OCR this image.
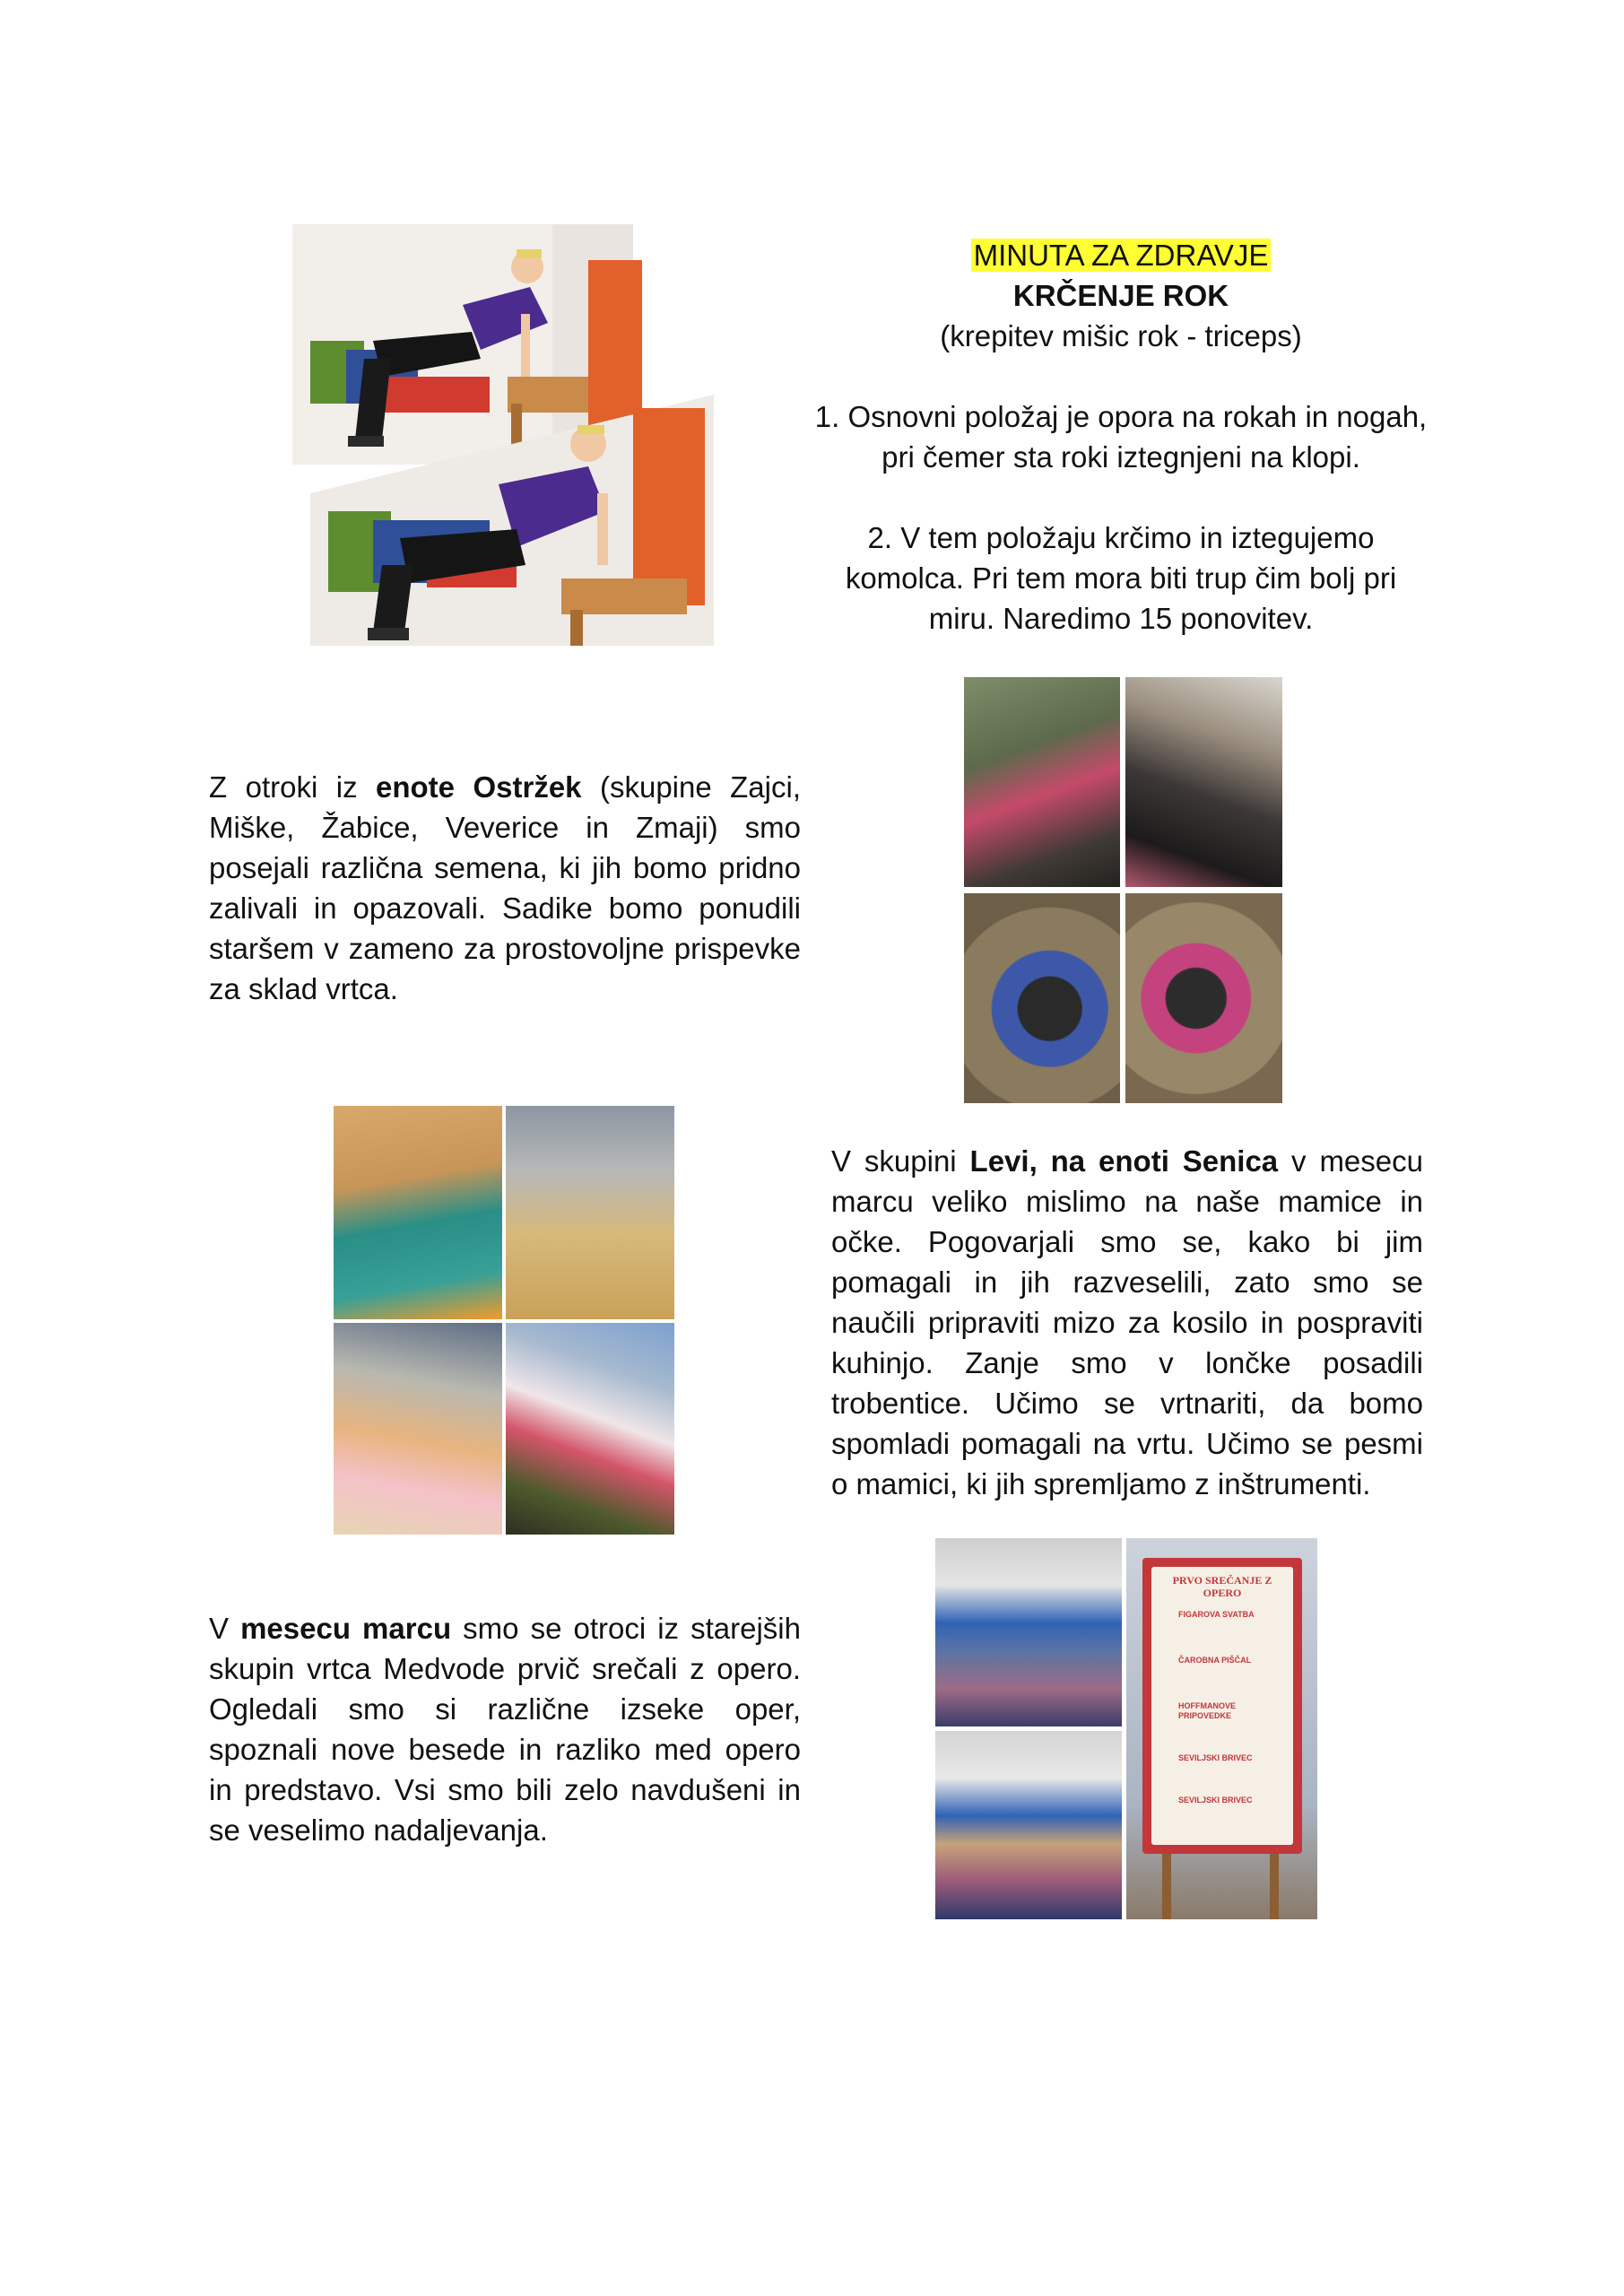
MINUTA ZA ZDRAVJE

KRČENJE ROK

(krepitev mišic rok - triceps)

1. Osnovni položaj je opora na rokah in nogah, pri čemer sta roki iztegnjeni na klopi.

2. V tem položaju krčimo in iztegujemo komolca. Pri tem mora biti trup čim bolj pri miru. Naredimo 15 ponovitev.

Z otroki iz enote Ostržek (skupine Zajci, Miške, Žabice, Veverice in Zmaji) smo posejali različna semena, ki jih bomo pridno zalivali in opazovali. Sadike bomo ponudili staršem v zameno za prostovoljne prispevke za sklad vrtca.

V skupini Levi, na enoti Senica v mesecu marcu veliko mislimo na naše mamice in očke. Pogovarjali smo se, kako bi jim pomagali in jih razveselili, zato smo se naučili pripraviti mizo za kosilo in pospraviti kuhinjo. Zanje smo v lončke posadili trobentice. Učimo se vrtnariti, da bomo spomladi pomagali na vrtu. Učimo se pesmi o mamici, ki jih spremljamo z inštrumenti.

PRVO SREČANJE Z OPERO
FIGAROVA SVATBA
ČAROBNA PIŠČAL
HOFFMANOVE PRIPOVEDKE
SEVILJSKI BRIVEC
SEVILJSKI BRIVEC

V mesecu marcu smo se otroci iz starejših skupin vrtca Medvode prvič srečali z opero. Ogledali smo si različne izseke oper, spoznali nove besede in razliko med opero in predstavo. Vsi smo bili zelo navdušeni in se veselimo nadaljevanja.
